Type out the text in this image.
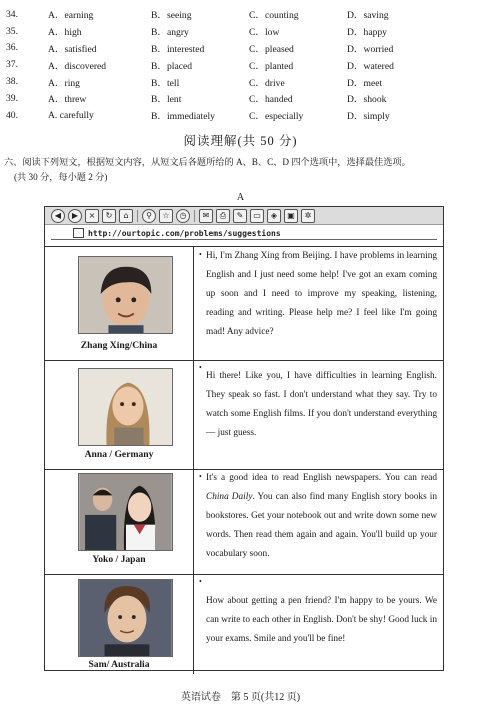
34.	A．earning	B．seeing	C．counting	D．saving
35.	A．high	B．angry	C．low	D．happy
36.	A．satisfied	B．interested	C．pleased	D．worried
37.	A．discovered	B．placed	C．planted	D．watered
38.	A．ring	B．tell	C．drive	D．meet
39.	A．threw	B．lent	C．handed	D．shook
40.	A. carefully	B．immediately	C．especially	D．simply
阅读理解(共 50 分)
六、阅读下列短文，根据短文内容，从短文后各题所给的 A、B、C、D 四个选项中，选择最佳选项。
(共 30 分，每小题 2 分)
A
◀	▶	×	↻	⌂	⚲	☆	◷	✉	⎙	✎	▭	◈	▣	✲
http://ourtopic.com/problems/suggestions
Zhang Xing/China
• Hi, I'm Zhang Xing from Beijing. I have problems in learning English and I just need some help! I've got an exam coming up soon and I need to improve my speaking, listening, reading and writing. Please help me? I feel like I'm going mad! Any advice?
Anna / Germany
•
Hi there! Like you, I have difficulties in learning English. They speak so fast. I don't understand what they say. Try to watch some English films. If you don't understand everything— just guess.
Yoko / Japan
• It's a good idea to read English newspapers. You can read China Daily. You can also find many English story books in bookstores. Get your notebook out and write down some new words. Then read them again and again. You'll build up your vocabulary soon.
Sam/ Australia
•
How about getting a pen friend? I'm happy to be yours. We can write to each other in English. Don't be shy! Good luck in your exams. Smile and you'll be fine!
英语试卷　第 5 页(共12 页)
